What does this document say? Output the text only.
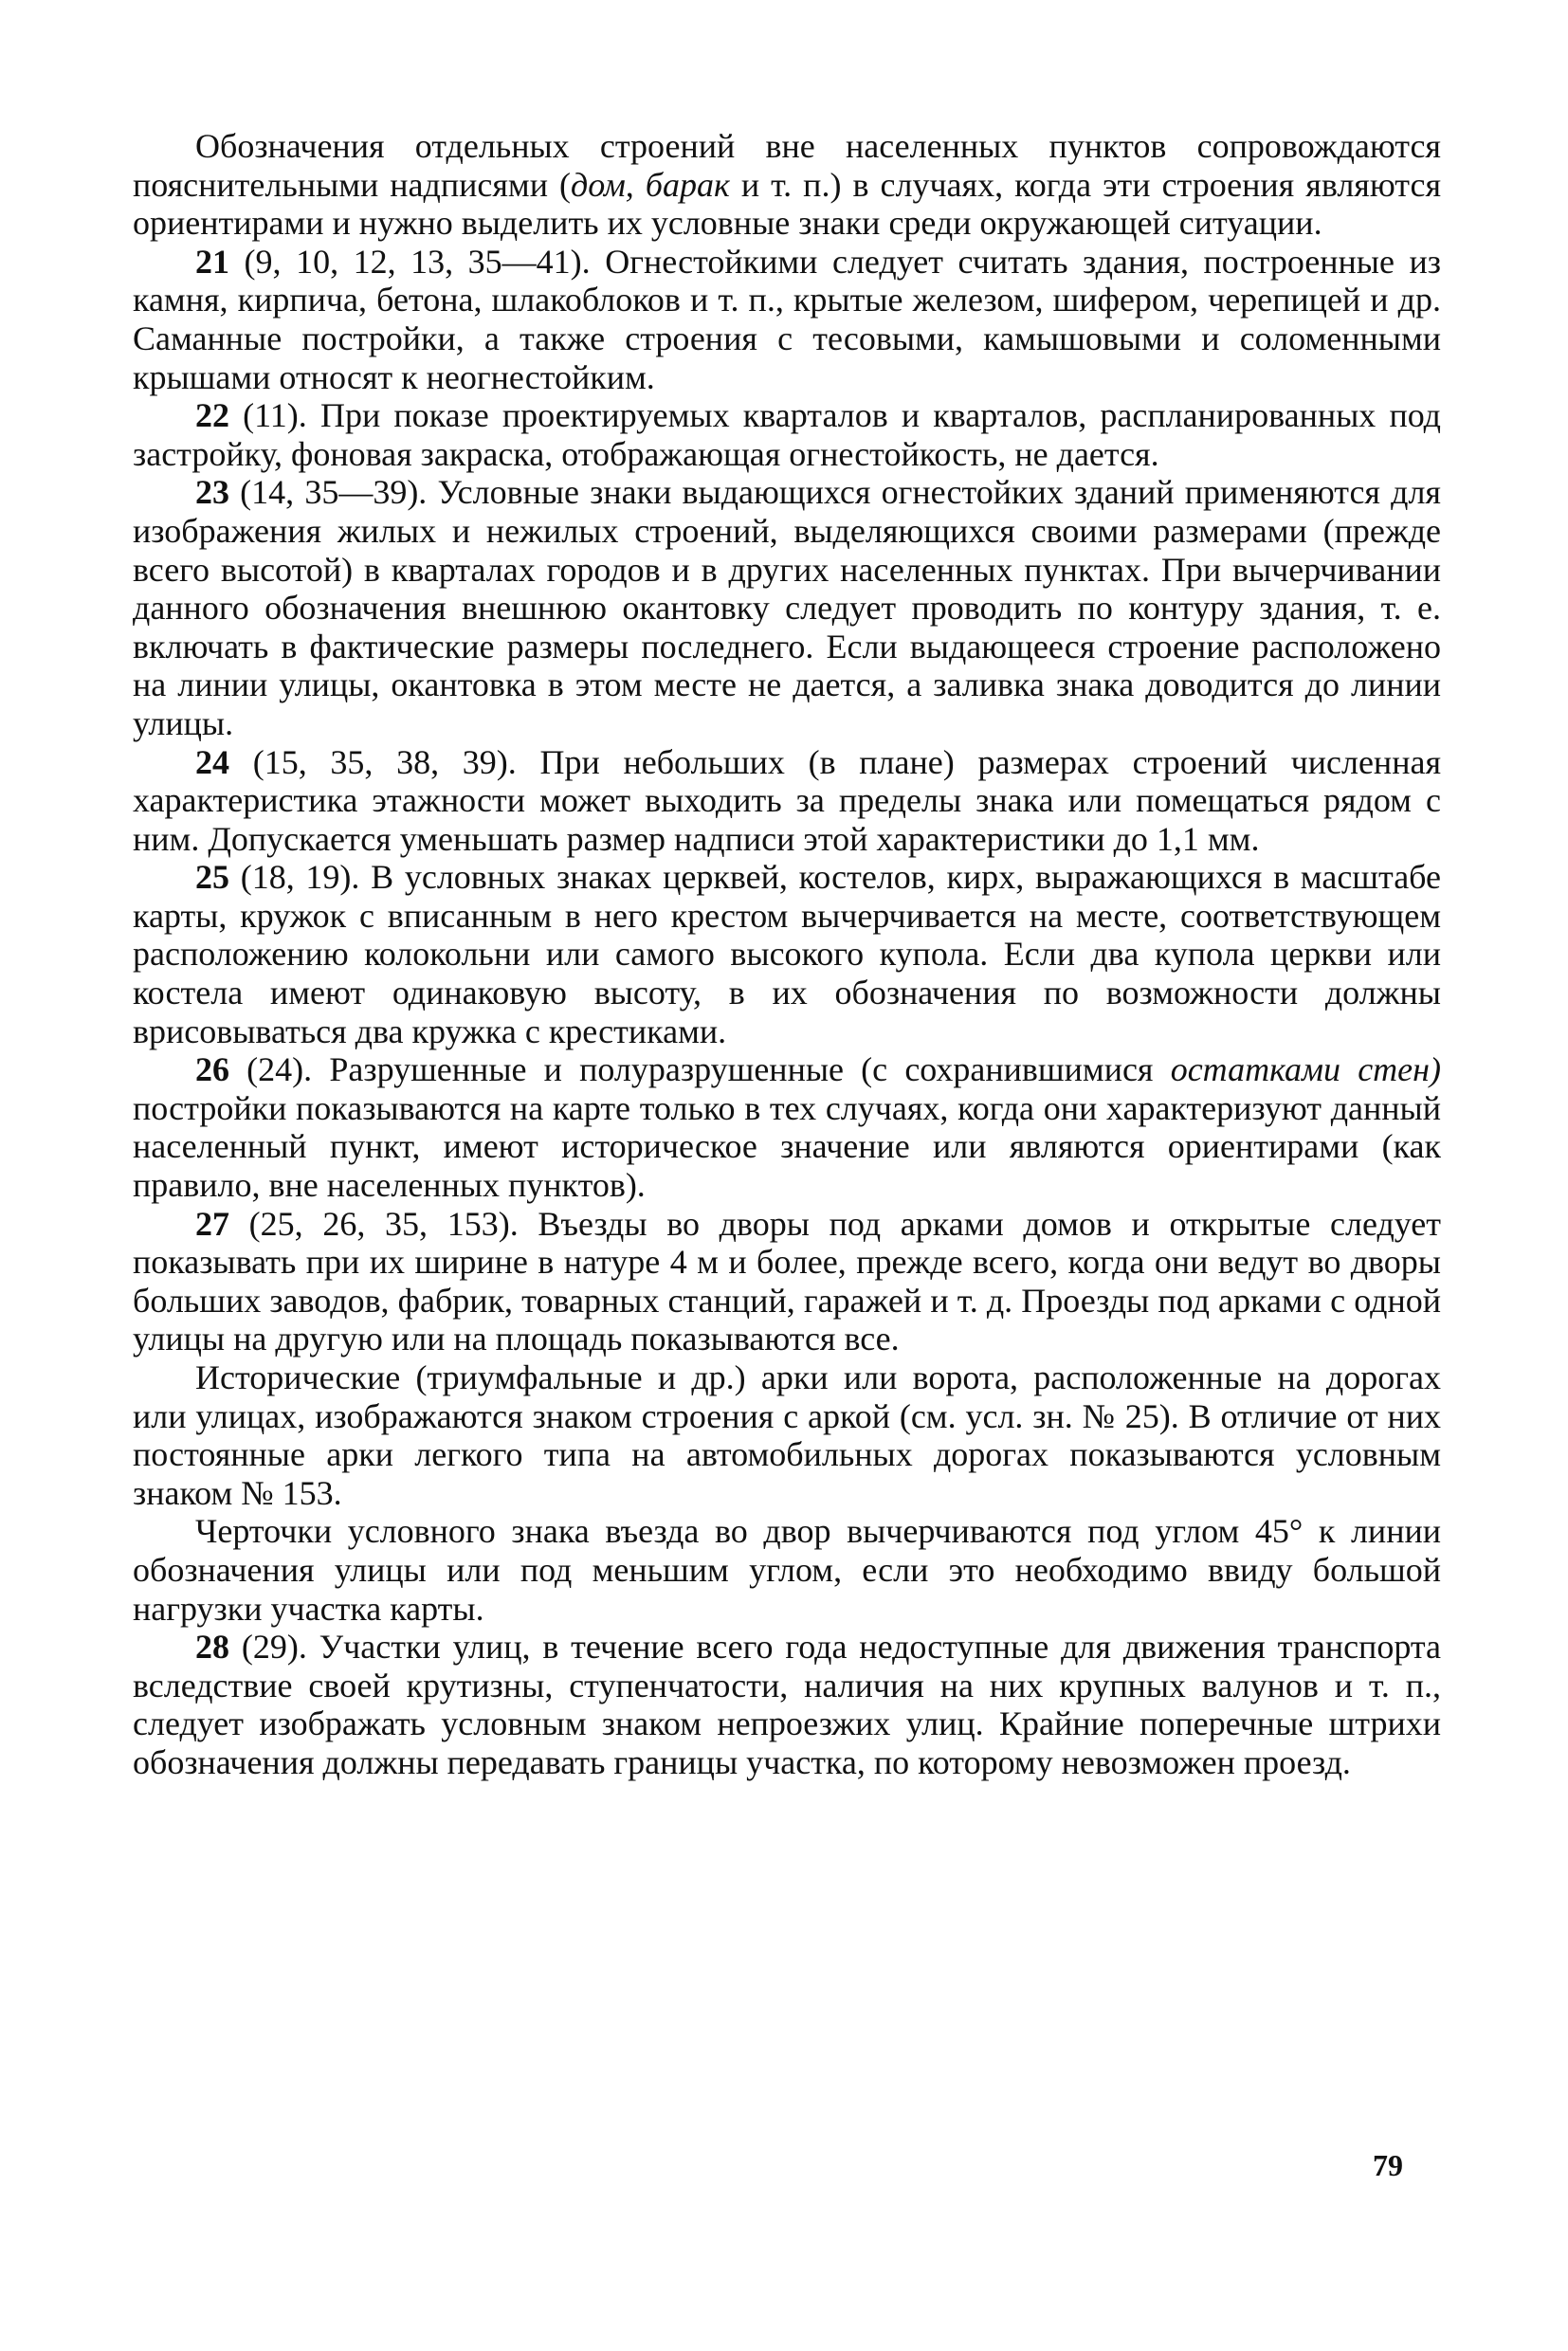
Обозначения отдельных строений вне населенных пунктов сопровождаются пояснительными надписями (дом, барак и т. п.) в случаях, когда эти строения являются ориентирами и нужно выделить их условные знаки среди окружающей ситуации.

21 (9, 10, 12, 13, 35—41). Огнестойкими следует считать здания, построенные из камня, кирпича, бетона, шлакоблоков и т. п., крытые железом, шифером, черепицей и др. Саманные постройки, а также строения с тесовыми, камышовыми и соломенными крышами относят к неогнестойким.

22 (11). При показе проектируемых кварталов и кварталов, распланированных под застройку, фоновая закраска, отображающая огнестойкость, не дается.

23 (14, 35—39). Условные знаки выдающихся огнестойких зданий применяются для изображения жилых и нежилых строений, выделяющихся своими размерами (прежде всего высотой) в кварталах городов и в других населенных пунктах. При вычерчивании данного обозначения внешнюю окантовку следует проводить по контуру здания, т. е. включать в фактические размеры последнего. Если выдающееся строение расположено на линии улицы, окантовка в этом месте не дается, а заливка знака доводится до линии улицы.

24 (15, 35, 38, 39). При небольших (в плане) размерах строений численная характеристика этажности может выходить за пределы знака или помещаться рядом с ним. Допускается уменьшать размер надписи этой характеристики до 1,1 мм.

25 (18, 19). В условных знаках церквей, костелов, кирх, выражающихся в масштабе карты, кружок с вписанным в него крестом вычерчивается на месте, соответствующем расположению колокольни или самого высокого купола. Если два купола церкви или костела имеют одинаковую высоту, в их обозначения по возможности должны врисовываться два кружка с крестиками.

26 (24). Разрушенные и полуразрушенные (с сохранившимися остатками стен) постройки показываются на карте только в тех случаях, когда они характеризуют данный населенный пункт, имеют историческое значение или являются ориентирами (как правило, вне населенных пунктов).

27 (25, 26, 35, 153). Въезды во дворы под арками домов и открытые следует показывать при их ширине в натуре 4 м и более, прежде всего, когда они ведут во дворы больших заводов, фабрик, товарных станций, гаражей и т. д. Проезды под арками с одной улицы на другую или на площадь показываются все.

Исторические (триумфальные и др.) арки или ворота, расположенные на дорогах или улицах, изображаются знаком строения с аркой (см. усл. зн. № 25). В отличие от них постоянные арки легкого типа на автомобильных дорогах показываются условным знаком № 153.

Черточки условного знака въезда во двор вычерчиваются под углом 45° к линии обозначения улицы или под меньшим углом, если это необходимо ввиду большой нагрузки участка карты.

28 (29). Участки улиц, в течение всего года недоступные для движения транспорта вследствие своей крутизны, ступенчатости, наличия на них крупных валунов и т. п., следует изображать условным знаком непроезжих улиц. Крайние поперечные штрихи обозначения должны передавать границы участка, по которому невозможен проезд.

79
